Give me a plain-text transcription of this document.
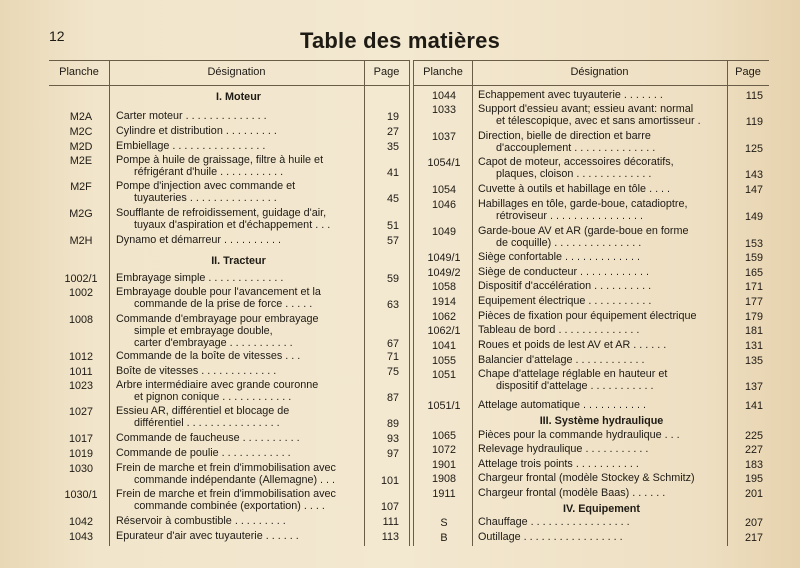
12	Table des matières
Planche	Désignation	Page	Planche	Désignation	Page
I. Moteur
M2A	Carter moteur . . . . . . . . . . . . . .	19
M2C	Cylindre et distribution . . . . . . . . .	27
M2D	Embiellage . . . . . . . . . . . . . . . .	35
M2E	Pompe à huile de graissage, filtre à huile et
réfrigérant d'huile . . . . . . . . . . .	41
M2F	Pompe d'injection avec commande et
tuyauteries . . . . . . . . . . . . . . .	45
M2G	Soufflante de refroidissement, guidage d'air,
tuyaux d'aspiration et d'échappement . . .	51
M2H	Dynamo et démarreur . . . . . . . . . .	57
II. Tracteur
1002/1	Embrayage simple . . . . . . . . . . . . .	59
1002	Embrayage double pour l'avancement et la
commande de la prise de force . . . . .	63
1008	Commande d'embrayage pour embrayage
simple et embrayage double,
carter d'embrayage . . . . . . . . . . .	67
1012	Commande de la boîte de vitesses . . .	71
1011	Boîte de vitesses . . . . . . . . . . . . .	75
1023	Arbre intermédiaire avec grande couronne
et pignon conique . . . . . . . . . . . .	87
1027	Essieu AR, différentiel et blocage de
différentiel . . . . . . . . . . . . . . . .	89
1017	Commande de faucheuse . . . . . . . . . .	93
1019	Commande de poulie . . . . . . . . . . . .	97
1030	Frein de marche et frein d'immobilisation avec
commande indépendante (Allemagne) . . .	101
1030/1	Frein de marche et frein d'immobilisation avec
commande combinée (exportation) . . . .	107
1042	Réservoir à combustible . . . . . . . . .	111
1043	Epurateur d'air avec tuyauterie . . . . . .	113
1044	Echappement avec tuyauterie . . . . . . .	115
1033	Support d'essieu avant; essieu avant: normal
et télescopique, avec et sans amortisseur .	119
1037	Direction, bielle de direction et barre
d'accouplement . . . . . . . . . . . . . .	125
1054/1	Capot de moteur, accessoires décoratifs,
plaques, cloison . . . . . . . . . . . . .	143
1054	Cuvette à outils et habillage en tôle . . . .	147
1046	Habillages en tôle, garde-boue, catadioptre,
rétroviseur . . . . . . . . . . . . . . . .	149
1049	Garde-boue AV et AR (garde-boue en forme
de coquille) . . . . . . . . . . . . . . .	153
1049/1	Siège confortable . . . . . . . . . . . . .	159
1049/2	Siège de conducteur . . . . . . . . . . . .	165
1058	Dispositif d'accélération . . . . . . . . . .	171
1914	Equipement électrique . . . . . . . . . . .	177
1062	Pièces de fixation pour équipement électrique	179
1062/1	Tableau de bord . . . . . . . . . . . . . .	181
1041	Roues et poids de lest AV et AR . . . . . .	131
1055	Balancier d'attelage . . . . . . . . . . . .	135
1051	Chape d'attelage réglable en hauteur et
dispositif d'attelage . . . . . . . . . . .	137
1051/1	Attelage automatique . . . . . . . . . . .	141
III. Système hydraulique
1065	Pièces pour la commande hydraulique . . .	225
1072	Relevage hydraulique . . . . . . . . . . .	227
1901	Attelage trois points . . . . . . . . . . .	183
1908	Chargeur frontal (modèle Stockey & Schmitz)	195
1911	Chargeur frontal (modèle Baas) . . . . . .	201
IV. Equipement
S	Chauffage . . . . . . . . . . . . . . . . .	207
B	Outillage . . . . . . . . . . . . . . . . .	217
